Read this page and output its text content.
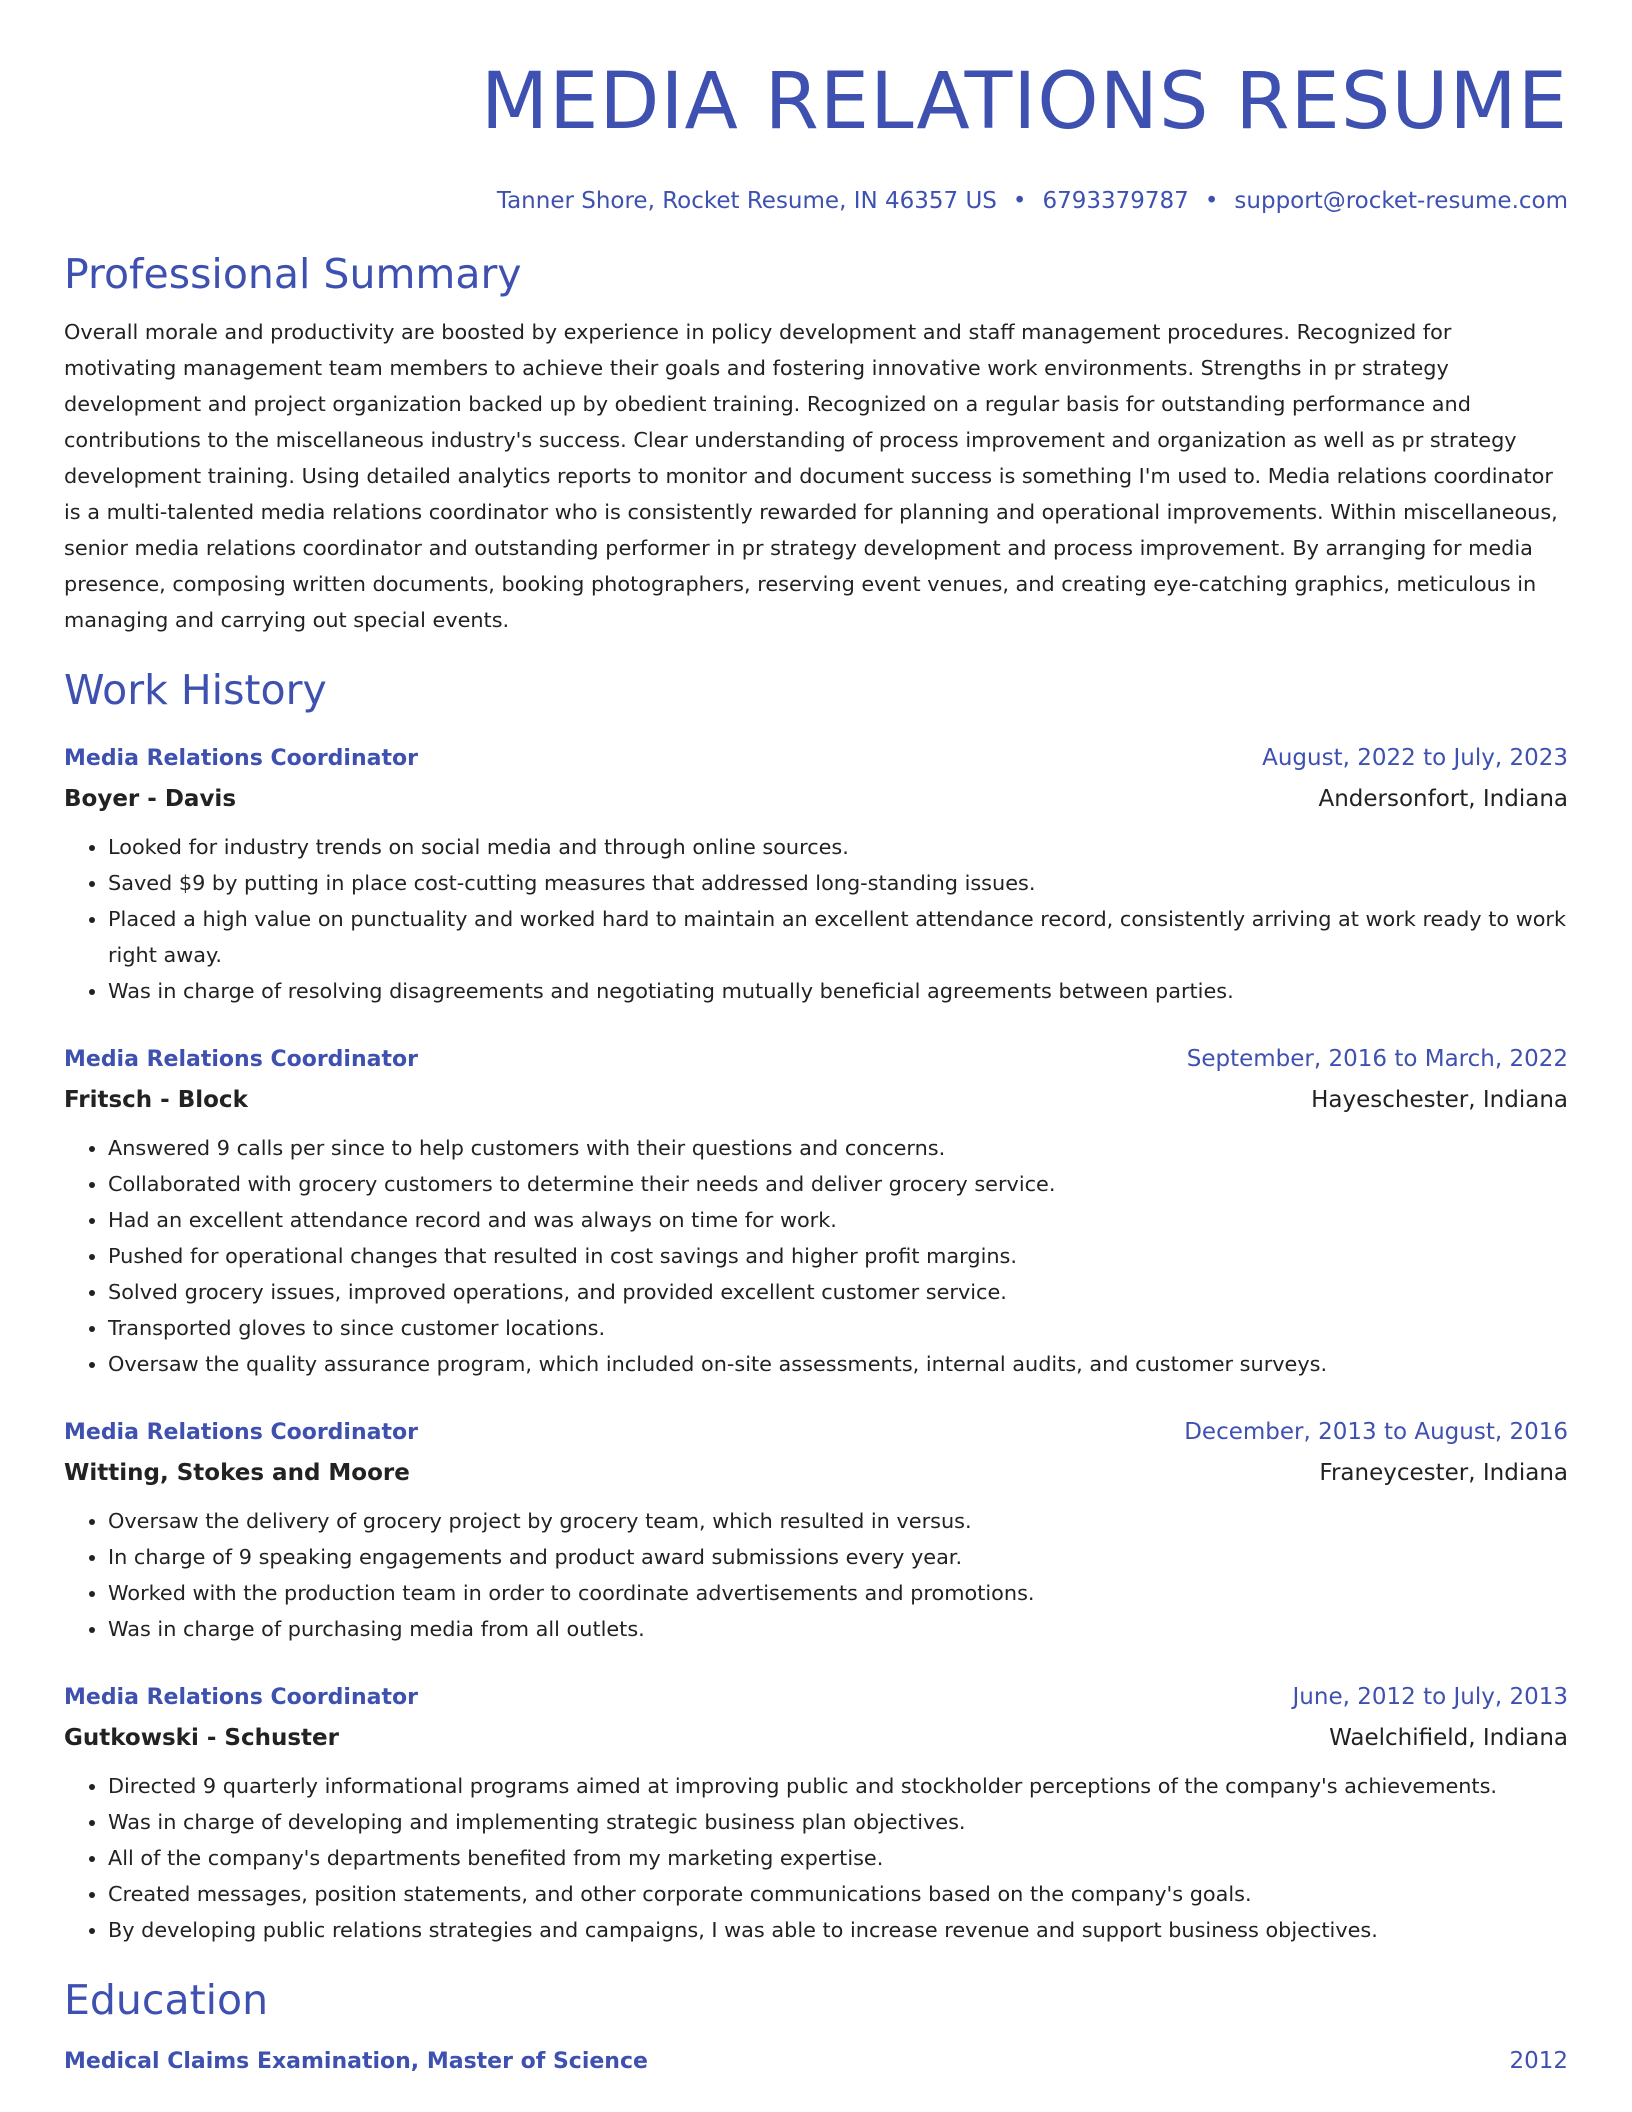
MEDIA RELATIONS RESUME
Tanner Shore, Rocket Resume, IN 46357 US • 6793379787 • support@rocket-resume.com
Professional Summary
Overall morale and productivity are boosted by experience in policy development and staff management procedures. Recognized for motivating management team members to achieve their goals and fostering innovative work environments. Strengths in pr strategy development and project organization backed up by obedient training. Recognized on a regular basis for outstanding performance and contributions to the miscellaneous industry's success. Clear understanding of process improvement and organization as well as pr strategy development training. Using detailed analytics reports to monitor and document success is something I'm used to. Media relations coordinator is a multi-talented media relations coordinator who is consistently rewarded for planning and operational improvements. Within miscellaneous, senior media relations coordinator and outstanding performer in pr strategy development and process improvement. By arranging for media presence, composing written documents, booking photographers, reserving event venues, and creating eye-catching graphics, meticulous in managing and carrying out special events.
Work History
Media Relations Coordinator	August, 2022 to July, 2023
Boyer - Davis	Andersonfort, Indiana
• Looked for industry trends on social media and through online sources.
• Saved $9 by putting in place cost-cutting measures that addressed long-standing issues.
• Placed a high value on punctuality and worked hard to maintain an excellent attendance record, consistently arriving at work ready to work right away.
• Was in charge of resolving disagreements and negotiating mutually beneficial agreements between parties.
Media Relations Coordinator	September, 2016 to March, 2022
Fritsch - Block	Hayeschester, Indiana
• Answered 9 calls per since to help customers with their questions and concerns.
• Collaborated with grocery customers to determine their needs and deliver grocery service.
• Had an excellent attendance record and was always on time for work.
• Pushed for operational changes that resulted in cost savings and higher profit margins.
• Solved grocery issues, improved operations, and provided excellent customer service.
• Transported gloves to since customer locations.
• Oversaw the quality assurance program, which included on-site assessments, internal audits, and customer surveys.
Media Relations Coordinator	December, 2013 to August, 2016
Witting, Stokes and Moore	Franeycester, Indiana
• Oversaw the delivery of grocery project by grocery team, which resulted in versus.
• In charge of 9 speaking engagements and product award submissions every year.
• Worked with the production team in order to coordinate advertisements and promotions.
• Was in charge of purchasing media from all outlets.
Media Relations Coordinator	June, 2012 to July, 2013
Gutkowski - Schuster	Waelchifield, Indiana
• Directed 9 quarterly informational programs aimed at improving public and stockholder perceptions of the company's achievements.
• Was in charge of developing and implementing strategic business plan objectives.
• All of the company's departments benefited from my marketing expertise.
• Created messages, position statements, and other corporate communications based on the company's goals.
• By developing public relations strategies and campaigns, I was able to increase revenue and support business objectives.
Education
Medical Claims Examination, Master of Science	2012
